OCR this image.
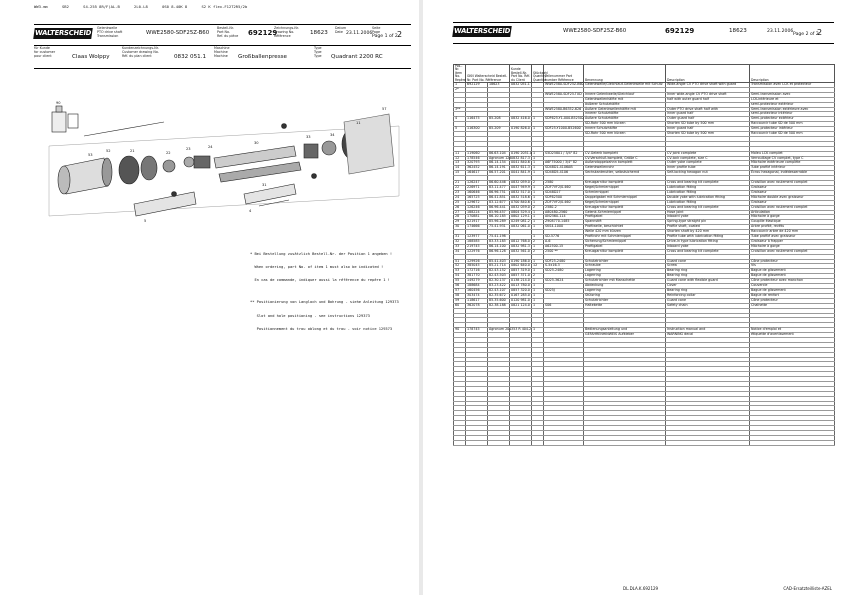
WW3.mm	SB2	S4-255 8R/F(AL-B	2L0-L8	0S0 8-40K 8	S2 K flex-F12T2R5/2b
WALTERSCHEID
Gelenkwelle
PTO drive shaft
Transmission	WWE2580-SDF25Z-B60
Bestell-Nr.
Part No.
Ref. du pièce 692129
Zeichnungs-Nr.
Drawing No.
Référence	18623
Datum
Date 23.11.2006
Seite
Page
Page 1 of 2 2
für Kunde
for customer
pour client	Claas Wolppy
Kundenzeichnungs-Nr.
Customer drawing No.
Réf. du plan client	0832 051.1
Maschine
Machine
Machine	Großballenpresse
Type
Type
Type Quadrant 2200 RC
53
52	21	22
23	24
30
31
33	34
11
57
5
4
90

* Bei Bestellung zusätzlich Bestell-Nr. der Position 1 angeben !

When ordering, part No. of item 1 must also be indicated !

En cas de commande, indiquer aussi la référence du repère 1 !

** Positionierung von Langloch und Bohrung - siehe Anleitung 129373

Slot and hole positioning - see instructions 129373

Positionnement du trou oblong et du trou - voir notice 129373

WALTERSCHEID	WWE2580-SDF25Z-B60	692129	18623	23.11.2006
Page 2 of 2
2
Pos.-Nr. Item No. Repère	GKN Walterscheid Bestell-Nr. Part No. Référence		Kunde Bestell-Nr. Part No. Réf. du Client	Stückzahl Quantity Quantité	Teilenummer Part number Référence	Benennung	Description	Description
1	692129	18623	0832 051.1		WWE2580-SDF25Z-B60	Gelenkwelle/Gleichlauf-Gelenkwelle mit Schutz	Wide-angle CV PTO drive shaft with guard	Transmission avec LCK et protecteur
2*								
					WWE2580-SDF25-TXD	Innere Gelenkwelle/Gleichlauf	Inner wide-angle CV PTO drive shaft	Semi-transmission avec
						Gelenkwellenhälfte mit	half with outer guard half	LCK-intérieure et
						äußerer Schutzhälfte		semi-protecteur extérieur
3**					WWE2580-B6352-626	Äußere Gelenkwellenhälfte mit	Outer PTO drive shaft half with	Semi-transmission extérieure avec
						innerer Schutzhälfte	inner guard half	semi-protecteur intérieur
4	116475	85.208	0832 416.0	1	SDF625-Y1-000-B52502	Äußere Schutzhälfte	Outer guard half	Semi-protecteur extérieur
						SD-Rohr 500 mm kürzen	Shorten SD tube by 500 mm	Raccourcir tube SD de 500 mm
5	116300	85.209	0190 826.0	1	SDF25-Y1000-B52600	Innere Schutzhälfte	Inner guard half	Semi-protecteur intérieur
						SD-Rohr 500 mm kürzen	Shorten SD tube by 500 mm	Raccourcir tube SD de 500 mm

11	119060	86.63.104	0190 2051.0	1	S5D25801 / 3/4" 82	CV-Gelenk komplett	CV joint complete	Moïeu LCK complet
12	178546	Agronum 125	0832 817.3	1		CV-Verschluß komplett, Größe C	CV-lock complete, size C	Verrouillage CV complet, type C
13	320793	86.14.154	0041 840.6	1	A6F75000 / 3/4" 82	Außendoppelzahnn komplett	Outer yoke complete	Mâchoire extérieure complète
14	362452	86.14.191	0832 611.3	1	SD48D1-4106AB	Gelenkwellenrohr	Inner profile tube	Tube profilé intérieur
15	164617	86.57.201	0041 841.9	1	SD48D5-4106	Sechskantmutter, selbstsichernd	Self-locking hexagon nut	Écrou hexagonal, indédesserrable

21	126247	86.60.446	0832 059.0	2	2580	Kreuzgarnitur komplett	Cross and bearing kit complete	Croisillon avec roulement complet
22	226971	83.11.477	0047 949.9	1	ZDF7VF2/0.460	Kegel/Schmiernippel	Lubrication fitting	Graisseur
23	160646	86.96.751	0832 517.0	1	SD48D27	Schmiernippel	Lubrication fitting	Graisseur
24	165725	86.41.851	0832 518.6	1	SDF62500	Doppelgabel mit Schmiernippel	Double yoke with lubrication fitting	Mâchoire double avec graisseur
25	129672	83.12.677	0700 840.6	1	ZDF7VF2/0.460	Kegel/Schmiernippel	Lubrication fitting	Graisseur
26	126246	86.96.441	0832 059.0	2	2580-2	Kreuzgarnitur komplett	Cross and bearing kit complete	Croisillon avec roulement complet
27	188224	85.96.457	0804 529.4	1	A80480-2560	Gelenk-Schmiernippel	Hose joint	Articulation
28	170881	86.10.185	0802 129.1	1	AN2560-114	Profilgabel	Inboard yoke	Mâchoire à gorge
29	021917	85.96.289	0249 081.2	1	Z908770-1485	Spannstift	Spring-type straight pin	Goupille élastique
30	174666	75.41.931	0832 061.0	1	SKS4-1000	Profilwelle, beschichtet	Profile shaft, coated	Arbre profilé, revêtu
						Welle 420 mm kürzen	Shorten shaft by 420 mm	Raccourcir arbre de 420 mm
31	123977	75.41.198		1	SD-5776	Profilrohr mit Schmiernippel	Profile tube with lubrication fitting	Tube profilé avec graisseur
32	188585	83.33.185	0812 768.0	2	A-6	Sicherung/Schmiernippel	Drive-in type lubrication fitting	Graisseur à frapper
33	219745	86.14.100	0832 981.3	1	A62500-15	Profilgabel	Inboard yoke	Mâchoire à gorge
34	122976	86.96.128	0832 561.0	2	2500 **	Kreuzgarnitur komplett	Cross and bearing kit complete	Croisillon avec roulement complet

51	129926	85.41.403	0190 186.0	1	SDF25-2480	Schutztrichter	Guard cone	Cône protecteur
52	385045	85.21.714	0802 640.0	12	S-5x16.3	Schraube	Screw	Vis
53	172716	82.43.152	0857 319.0	1	SD25-2480	Lagerring	Bearing ring	Bague de glissement
54	381770	82.43.503	0857 371.0	2		Lagerring	Bearing ring	Bague de glissement
55	149279	82.30.137	0138 214.0	1	SD25-3624	Schutztrichter mit Manschette	Guard cone with flexible guard	Cône protecteur avec manchon
56	188684	83.23.422	0013 780.0	1		Abdeckung	Cover	Couvercle
57	160456	82.43.107	0857 320.0	1	SD25J	Lagerring	Bearing ring	Bague de glissement
58	303474	82.35.672	0167 285.0	1		Stützring	Reinforcing collar	Bague de renfort
59	118617	85.35.600	0120 981.0	1		Schutztrichter	Guard cone	Cône protecteur
60	362078	82.38.188	0821 124.0	1	S06	Haltekette	Safety chain	Chaînette

90	178745	Agronum 201	353 R 404.2	1		Bedienungsanleitung und	Instruction manual and	Notice d'emploi et
						GEFAHRENHINWEIS Aufkleber	WARNING decal	étiquette d'avertissement

DL.DLA.K.692129	CAD-Ersatzteilliste-AZEL
